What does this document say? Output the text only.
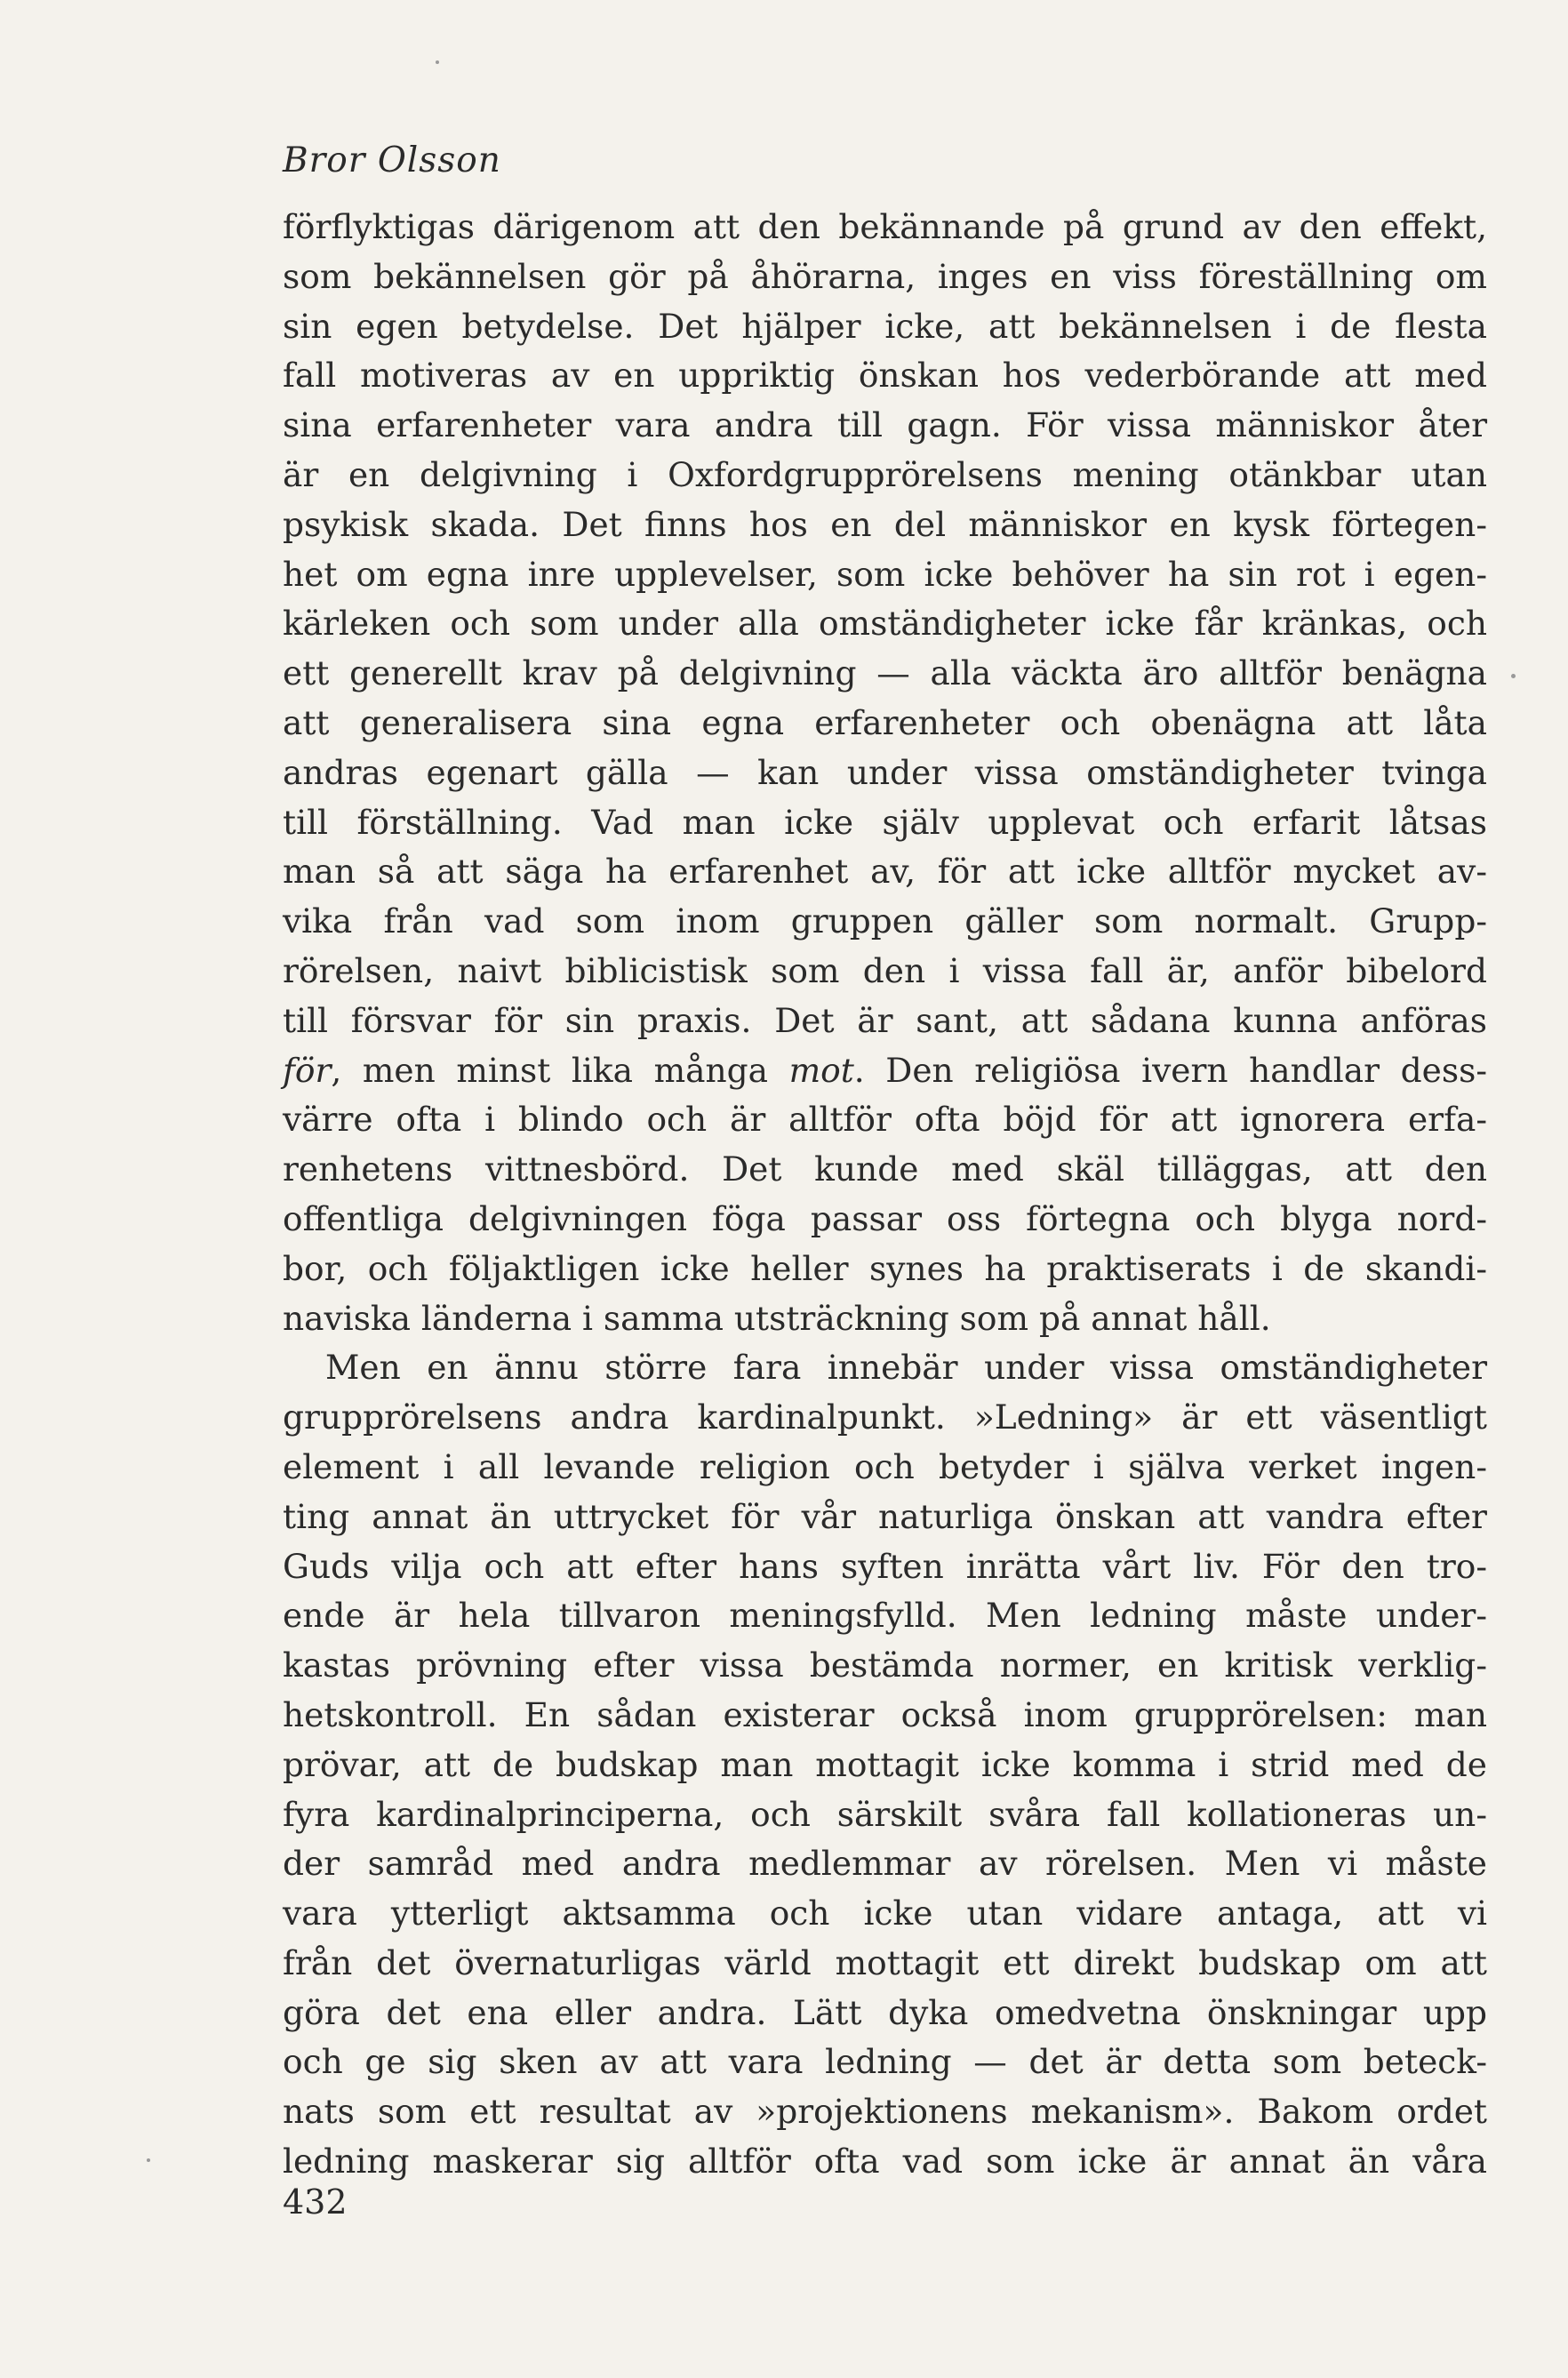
Bror Olsson
förflyktigas därigenom att den bekännande på grund av den effekt,
som bekännelsen gör på åhörarna, inges en viss föreställning om
sin egen betydelse. Det hjälper icke, att bekännelsen i de flesta
fall motiveras av en uppriktig önskan hos vederbörande att med
sina erfarenheter vara andra till gagn. För vissa människor åter
är en delgivning i Oxfordgrupprörelsens mening otänkbar utan
psykisk skada. Det finns hos en del människor en kysk förtegen-
het om egna inre upplevelser, som icke behöver ha sin rot i egen-
kärleken och som under alla omständigheter icke får kränkas, och
ett generellt krav på delgivning — alla väckta äro alltför benägna
att generalisera sina egna erfarenheter och obenägna att låta
andras egenart gälla — kan under vissa omständigheter tvinga
till förställning. Vad man icke själv upplevat och erfarit låtsas
man så att säga ha erfarenhet av, för att icke alltför mycket av-
vika från vad som inom gruppen gäller som normalt. Grupp-
rörelsen, naivt biblicistisk som den i vissa fall är, anför bibelord
till försvar för sin praxis. Det är sant, att sådana kunna anföras
för, men minst lika många mot. Den religiösa ivern handlar dess-
värre ofta i blindo och är alltför ofta böjd för att ignorera erfa-
renhetens vittnesbörd. Det kunde med skäl tilläggas, att den
offentliga delgivningen föga passar oss förtegna och blyga nord-
bor, och följaktligen icke heller synes ha praktiserats i de skandi-
naviska länderna i samma utsträckning som på annat håll.
Men en ännu större fara innebär under vissa omständigheter
grupprörelsens andra kardinalpunkt. »Ledning» är ett väsentligt
element i all levande religion och betyder i själva verket ingen-
ting annat än uttrycket för vår naturliga önskan att vandra efter
Guds vilja och att efter hans syften inrätta vårt liv. För den tro-
ende är hela tillvaron meningsfylld. Men ledning måste under-
kastas prövning efter vissa bestämda normer, en kritisk verklig-
hetskontroll. En sådan existerar också inom grupprörelsen: man
prövar, att de budskap man mottagit icke komma i strid med de
fyra kardinalprinciperna, och särskilt svåra fall kollationeras un-
der samråd med andra medlemmar av rörelsen. Men vi måste
vara ytterligt aktsamma och icke utan vidare antaga, att vi
från det övernaturligas värld mottagit ett direkt budskap om att
göra det ena eller andra. Lätt dyka omedvetna önskningar upp
och ge sig sken av att vara ledning — det är detta som beteck-
nats som ett resultat av »projektionens mekanism». Bakom ordet
ledning maskerar sig alltför ofta vad som icke är annat än våra
432
